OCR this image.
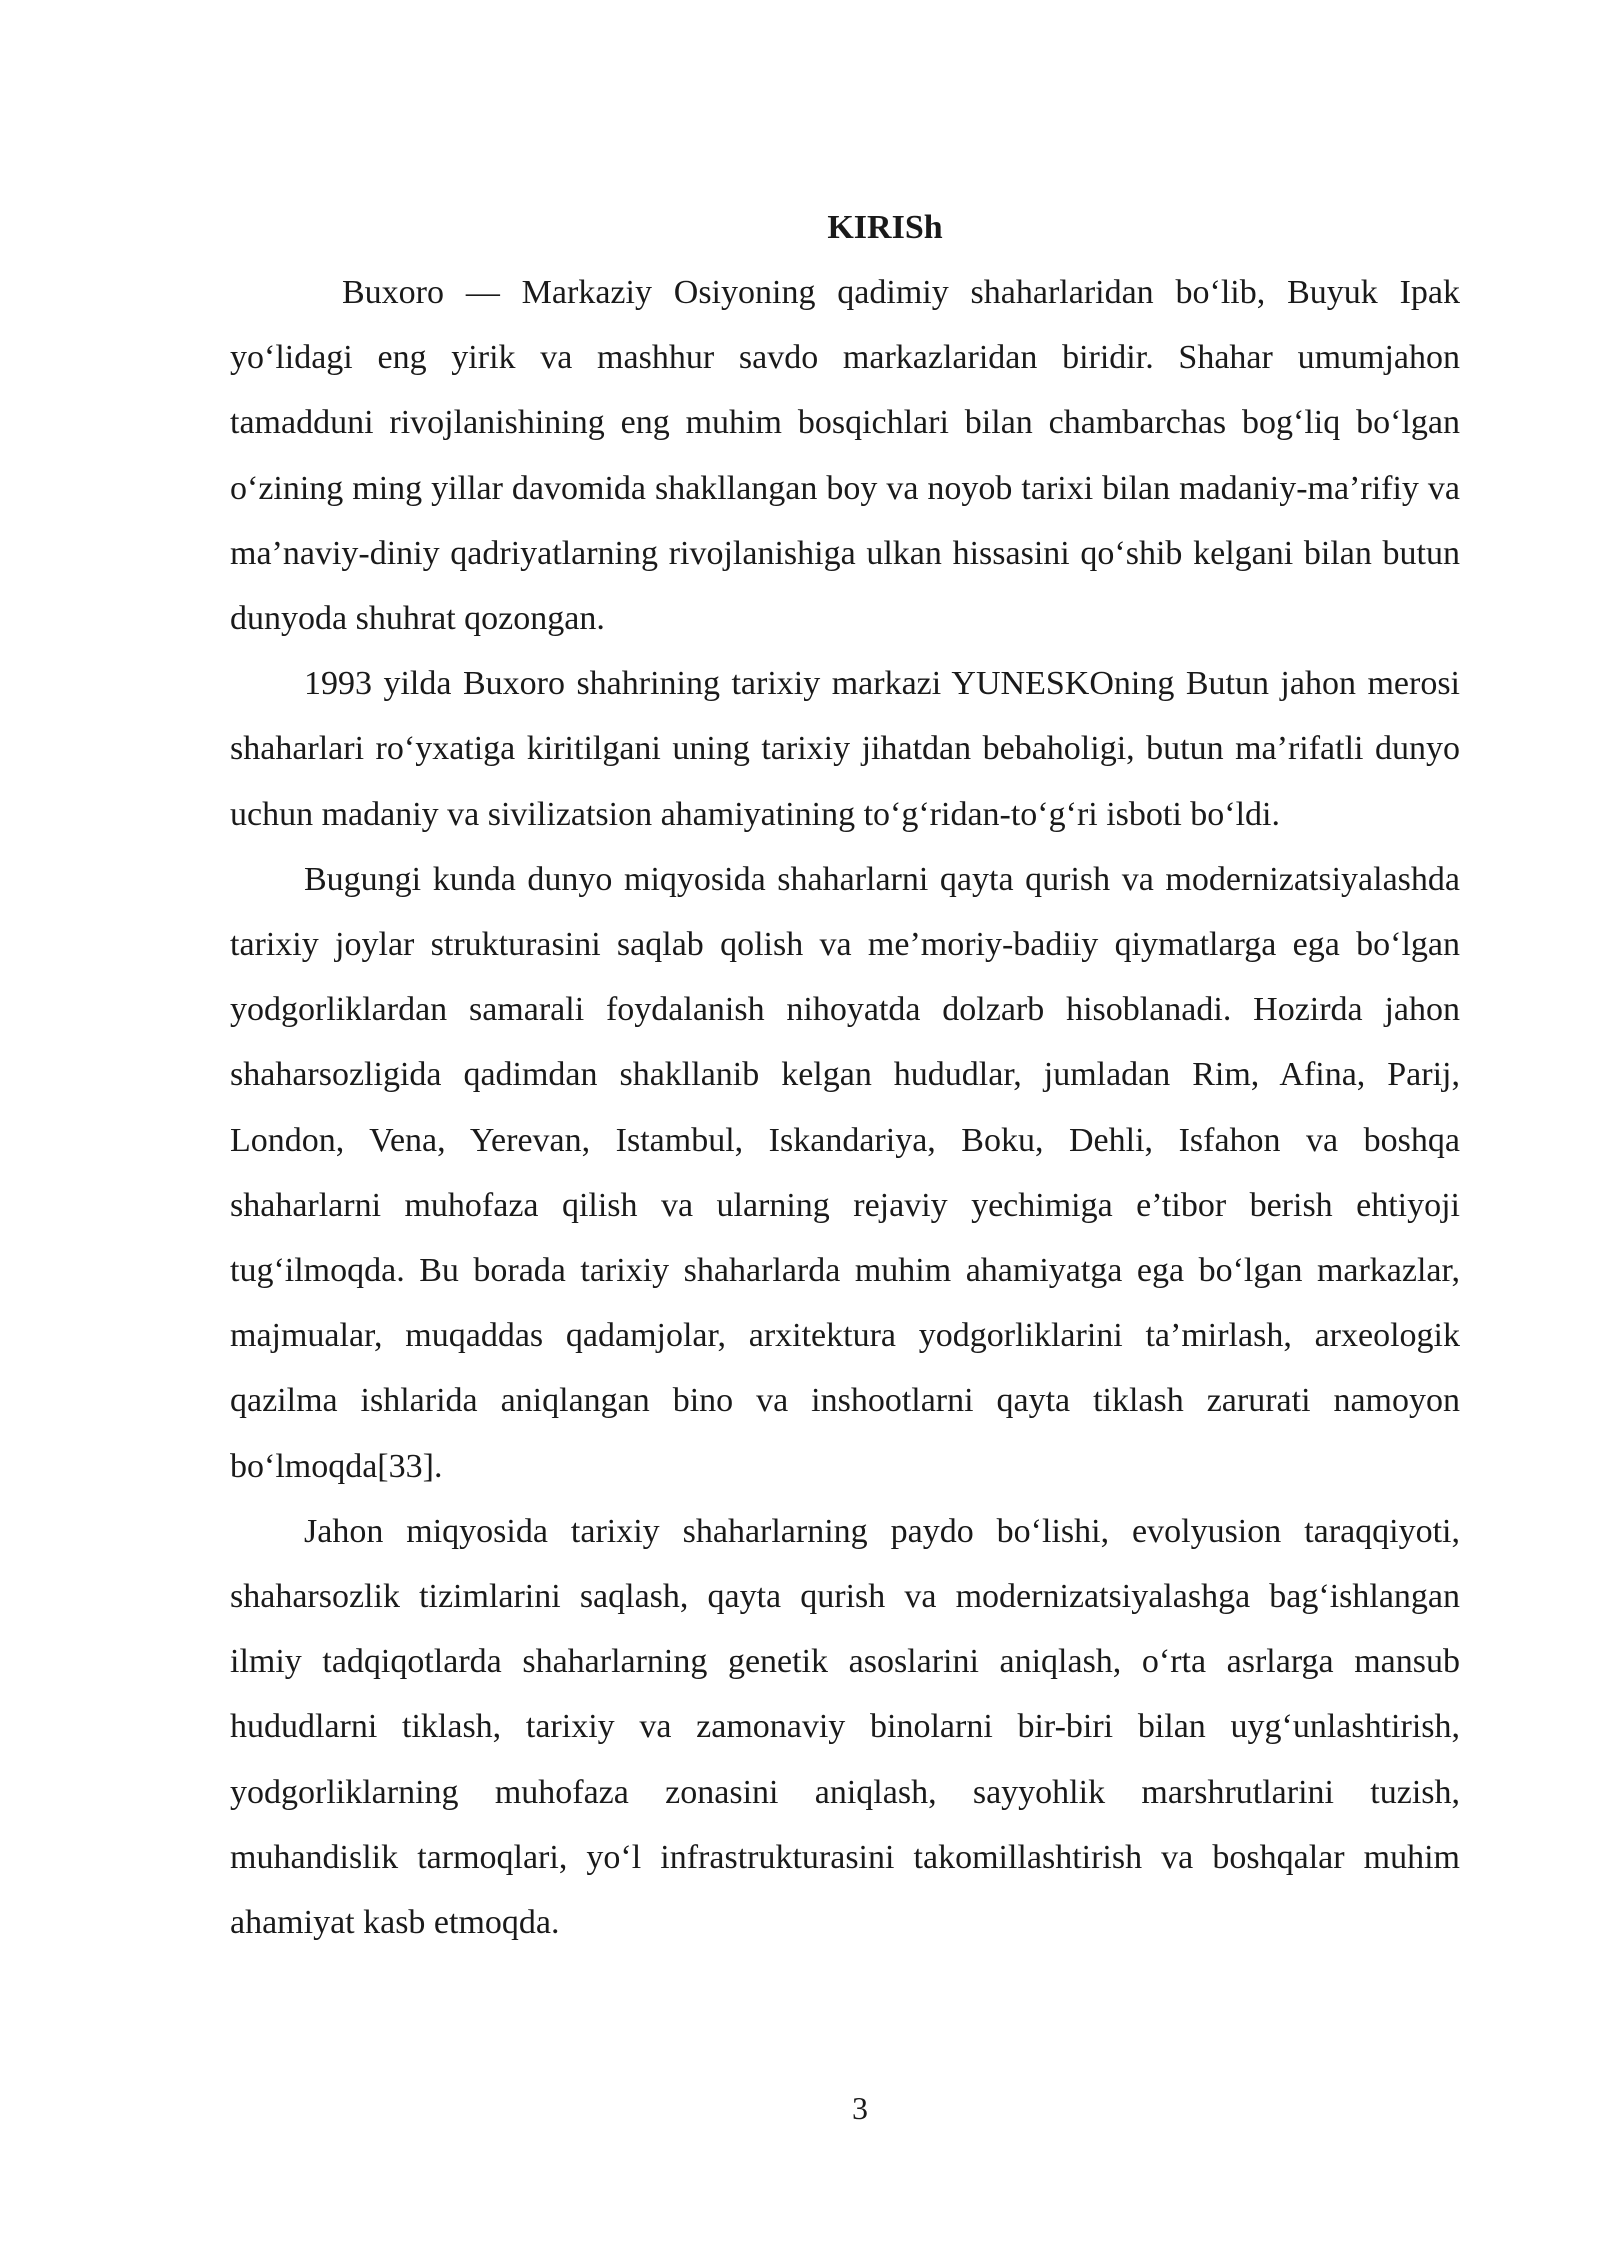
KIRISh

Buxoro — Markaziy Osiyoning qadimiy shaharlaridan bo‘lib, Buyuk Ipak yo‘lidagi eng yirik va mashhur savdo markazlaridan biridir. Shahar umumjahon tamadduni rivojlanishining eng muhim bosqichlari bilan chambarchas bog‘liq bo‘lgan o‘zining ming yillar davomida shakllangan boy va noyob tarixi bilan madaniy-ma’rifiy va ma’naviy-diniy qadriyatlarning rivojlanishiga ulkan hissasini qo‘shib kelgani bilan butun dunyoda shuhrat qozongan.

1993 yilda Buxoro shahrining tarixiy markazi YUNESKOning Butun jahon merosi shaharlari ro‘yxatiga kiritilgani uning tarixiy jihatdan bebaholigi, butun ma’rifatli dunyo uchun madaniy va sivilizatsion ahamiyatining to‘g‘ridan-to‘g‘ri isboti bo‘ldi.

Bugungi kunda dunyo miqyosida shaharlarni qayta qurish va modernizatsiyalashda tarixiy joylar strukturasini saqlab qolish va me’moriy-badiiy qiymatlarga ega bo‘lgan yodgorliklardan samarali foydalanish nihoyatda dolzarb hisoblanadi. Hozirda jahon shaharsozligida qadimdan shakllanib kelgan hududlar, jumladan Rim, Afina, Parij, London, Vena, Yerevan, Istambul, Iskandariya, Boku, Dehli, Isfahon va boshqa shaharlarni muhofaza qilish va ularning rejaviy yechimiga e’tibor berish ehtiyoji tug‘ilmoqda. Bu borada tarixiy shaharlarda muhim ahamiyatga ega bo‘lgan markazlar, majmualar, muqaddas qadamjolar, arxitektura yodgorliklarini ta’mirlash, arxeologik qazilma ishlarida aniqlangan bino va inshootlarni qayta tiklash zarurati namoyon bo‘lmoqda[33].

Jahon miqyosida tarixiy shaharlarning paydo bo‘lishi, evolyusion taraqqiyoti, shaharsozlik tizimlarini saqlash, qayta qurish va modernizatsiyalashga bag‘ishlangan ilmiy tadqiqotlarda shaharlarning genetik asoslarini aniqlash, o‘rta asrlarga mansub hududlarni tiklash, tarixiy va zamonaviy binolarni bir-biri bilan uyg‘unlashtirish, yodgorliklarning muhofaza zonasini aniqlash, sayyohlik marshrutlarini tuzish, muhandislik tarmoqlari, yo‘l infrastrukturasini takomillashtirish va boshqalar muhim ahamiyat kasb etmoqda.

3
